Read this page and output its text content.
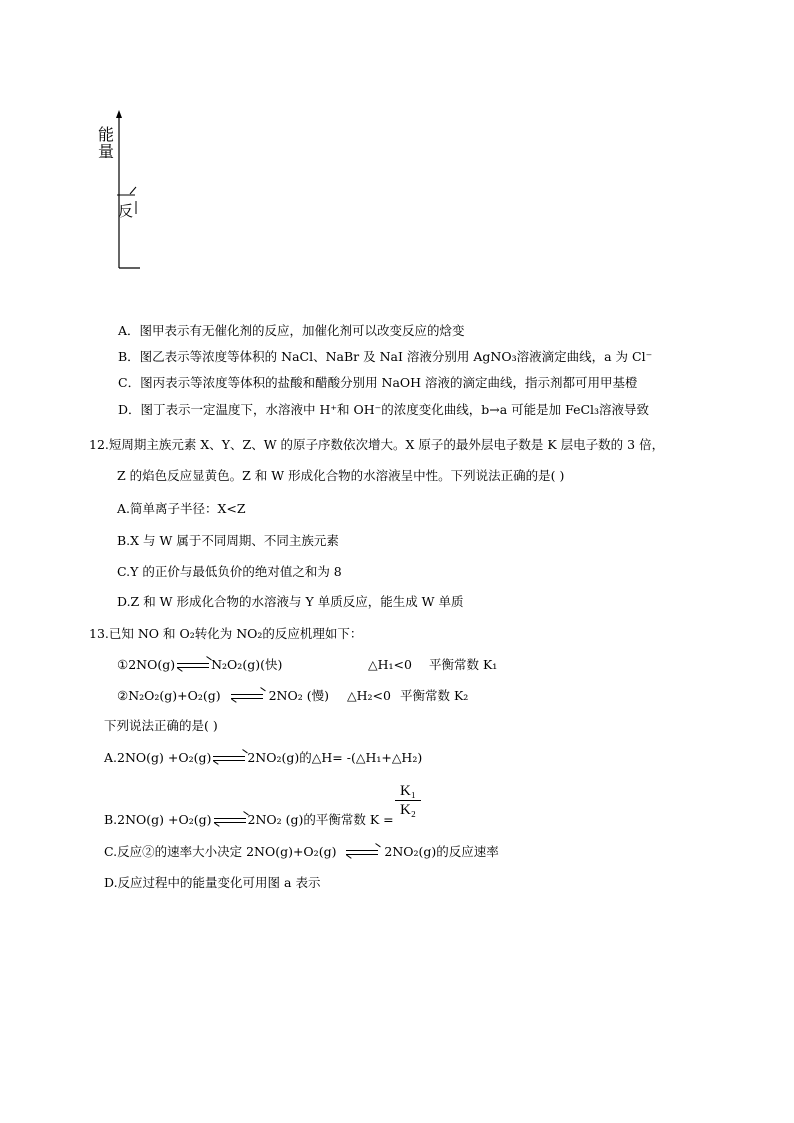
能量
反 
A．图甲表示有无催化剂的反应，加催化剂可以改变反应的焓变
B．图乙表示等浓度等体积的 NaCl、NaBr 及 NaI 溶液分别用 AgNO₃溶液滴定曲线，a 为 Cl⁻
C．图丙表示等浓度等体积的盐酸和醋酸分别用 NaOH 溶液的滴定曲线，指示剂都可用甲基橙
D．图丁表示一定温度下，水溶液中 H⁺和 OH⁻的浓度变化曲线，b→a 可能是加 FeCl₃溶液导致
12.短周期主族元素 X、Y、Z、W 的原子序数依次增大。X 原子的最外层电子数是 K 层电子数的 3 倍，
Z 的焰色反应显黄色。Z 和 W 形成化合物的水溶液呈中性。下列说法正确的是( )
A.简单离子半径：X<Z
B.X 与 W 属于不同周期、不同主族元素
C.Y 的正价与最低负价的绝对值之和为 8
D.Z 和 W 形成化合物的水溶液与 Y 单质反应，能生成 W 单质
13.已知 NO 和 O₂转化为 NO₂的反应机理如下：
①2NO(g)	N₂O₂(g)(快)	△H₁<0 平衡常数 K₁
②N₂O₂(g)+O₂(g)	2NO₂ (慢) △H₂<0 平衡常数 K₂
下列说法正确的是( )
A.2NO(g) +O₂(g)	2NO₂(g)的△H= -(△H₁+△H₂)
B.2NO(g) +O₂(g)	2NO₂ (g)的平衡常数 K =
K₁
K₂
C.反应②的速率大小决定 2NO(g)+O₂(g)	2NO₂(g)的反应速率
D.反应过程中的能量变化可用图 a 表示
